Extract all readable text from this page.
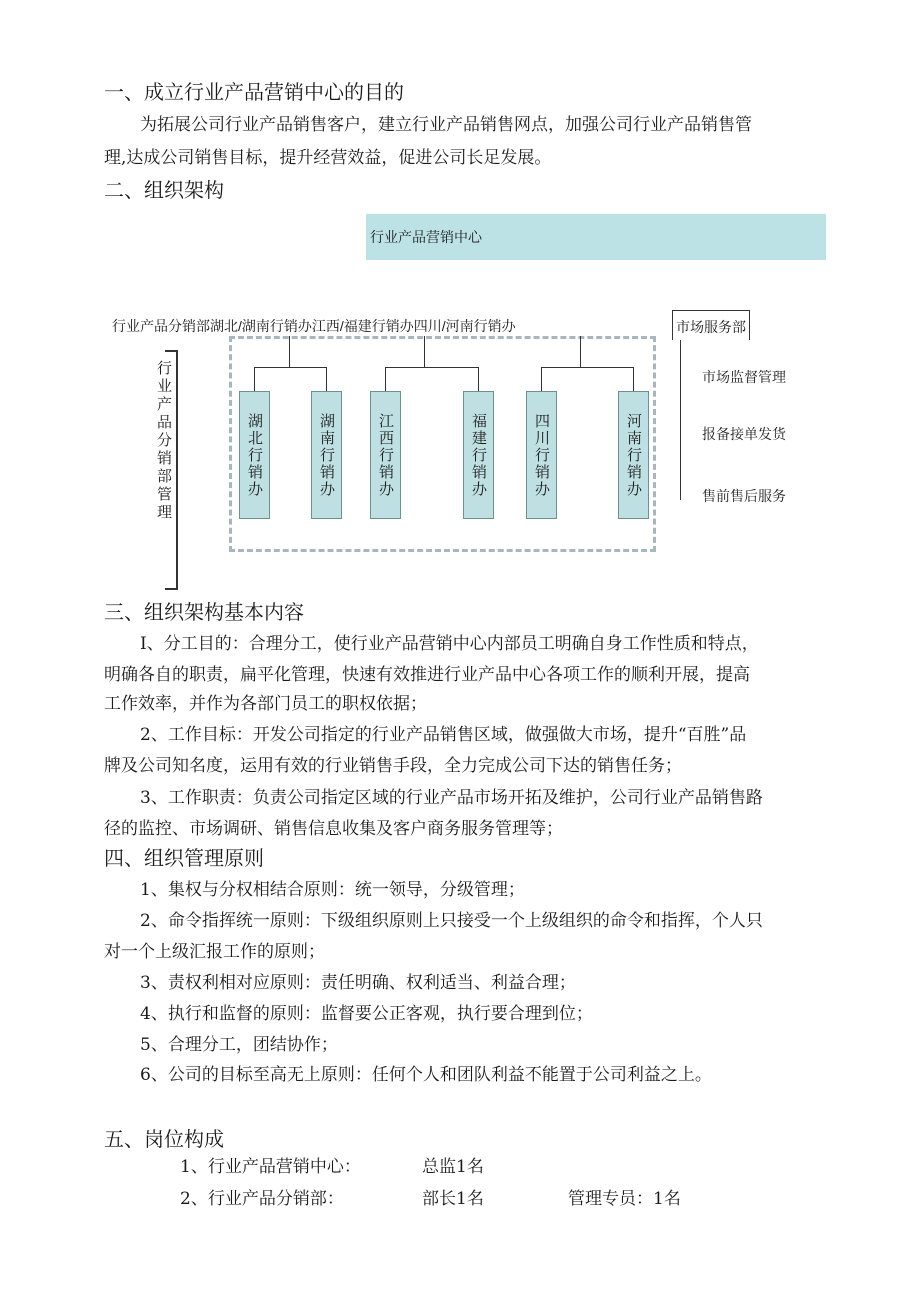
一、成立行业产品营销中心的目的
为拓展公司行业产品销售客户，建立行业产品销售网点，加强公司行业产品销售管
理,达成公司销售目标，提升经营效益，促进公司长足发展。
二、组织架构
行业产品营销中心
行业产品分销部湖北/湖南行销办江西/福建行销办四川/河南行销办
行业产品分销部管理	湖北行销办	湖南行销办	江西行销办	福建行销办	四川行销办	河南行销办
市场服务部
市场监督管理
报备接单发货
售前售后服务
三、组织架构基本内容
I、分工目的：合理分工，使行业产品营销中心内部员工明确自身工作性质和特点，
明确各自的职责，扁平化管理，快速有效推进行业产品中心各项工作的顺利开展，提高
工作效率，并作为各部门员工的职权依据；
2、工作目标：开发公司指定的行业产品销售区域，做强做大市场，提升“百胜”品
牌及公司知名度，运用有效的行业销售手段，全力完成公司下达的销售任务；
3、工作职责：负责公司指定区域的行业产品市场开拓及维护，公司行业产品销售路
径的监控、市场调研、销售信息收集及客户商务服务管理等；
四、组织管理原则
1、集权与分权相结合原则：统一领导，分级管理；
2、命令指挥统一原则：下级组织原则上只接受一个上级组织的命令和指挥，个人只
对一个上级汇报工作的原则；
3、责权利相对应原则：责任明确、权利适当、利益合理；
4、执行和监督的原则：监督要公正客观，执行要合理到位；
5、合理分工，团结协作；
6、公司的目标至高无上原则：任何个人和团队利益不能置于公司利益之上。
五、岗位构成
1、行业产品营销中心：	总监1名
2、行业产品分销部：	部长1名	管理专员：1名
